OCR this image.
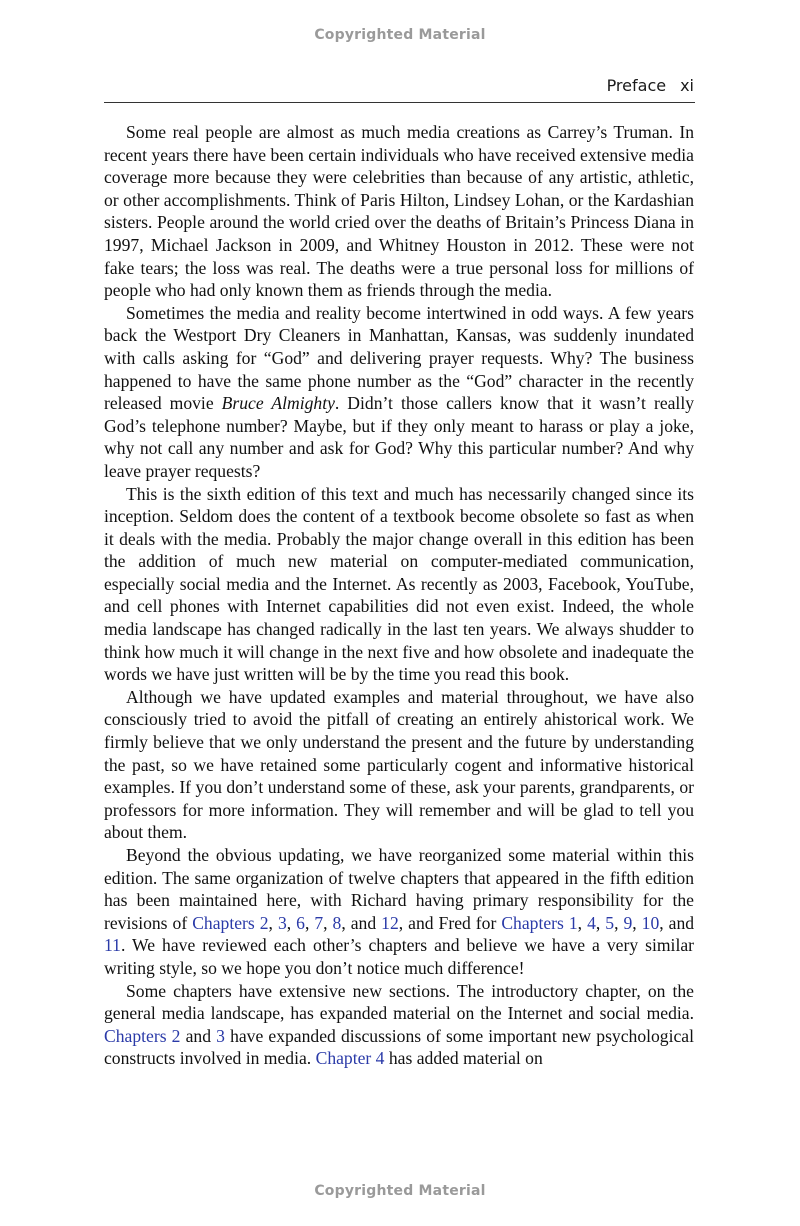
Copyrighted Material
Preface xi

Some real people are almost as much media creations as Carrey’s Truman. In recent years there have been certain individuals who have received extensive media coverage more because they were celebrities than because of any artistic, athletic, or other accomplishments. Think of Paris Hilton, Lindsey Lohan, or the Kardashian sisters. People around the world cried over the deaths of Britain’s Princess Diana in 1997, Michael Jackson in 2009, and Whitney Houston in 2012. These were not fake tears; the loss was real. The deaths were a true personal loss for millions of people who had only known them as friends through the media.

Sometimes the media and reality become intertwined in odd ways. A few years back the Westport Dry Cleaners in Manhattan, Kansas, was suddenly inundated with calls asking for “God” and delivering prayer requests. Why? The business happened to have the same phone number as the “God” character in the recently released movie Bruce Almighty. Didn’t those callers know that it wasn’t really God’s telephone number? Maybe, but if they only meant to harass or play a joke, why not call any number and ask for God? Why this particular number? And why leave prayer requests?

This is the sixth edition of this text and much has necessarily changed since its inception. Seldom does the content of a textbook become obsolete so fast as when it deals with the media. Probably the major change overall in this edition has been the addition of much new material on computer-mediated communication, especially social media and the Internet. As recently as 2003, Facebook, YouTube, and cell phones with Internet capabilities did not even exist. Indeed, the whole media landscape has changed radically in the last ten years. We always shudder to think how much it will change in the next five and how obsolete and inadequate the words we have just written will be by the time you read this book.

Although we have updated examples and material throughout, we have also consciously tried to avoid the pitfall of creating an entirely ahistorical work. We firmly believe that we only understand the present and the future by understanding the past, so we have retained some particularly cogent and informative historical examples. If you don’t understand some of these, ask your parents, grandparents, or professors for more information. They will remember and will be glad to tell you about them.

Beyond the obvious updating, we have reorganized some material within this edition. The same organization of twelve chapters that appeared in the fifth edition has been maintained here, with Richard having primary responsibility for the revisions of Chapters 2, 3, 6, 7, 8, and 12, and Fred for Chapters 1, 4, 5, 9, 10, and 11. We have reviewed each other’s chapters and believe we have a very similar writing style, so we hope you don’t notice much difference!

Some chapters have extensive new sections. The introductory chapter, on the general media landscape, has expanded material on the Internet and social media. Chapters 2 and 3 have expanded discussions of some important new psychological constructs involved in media. Chapter 4 has added material on

Copyrighted Material
